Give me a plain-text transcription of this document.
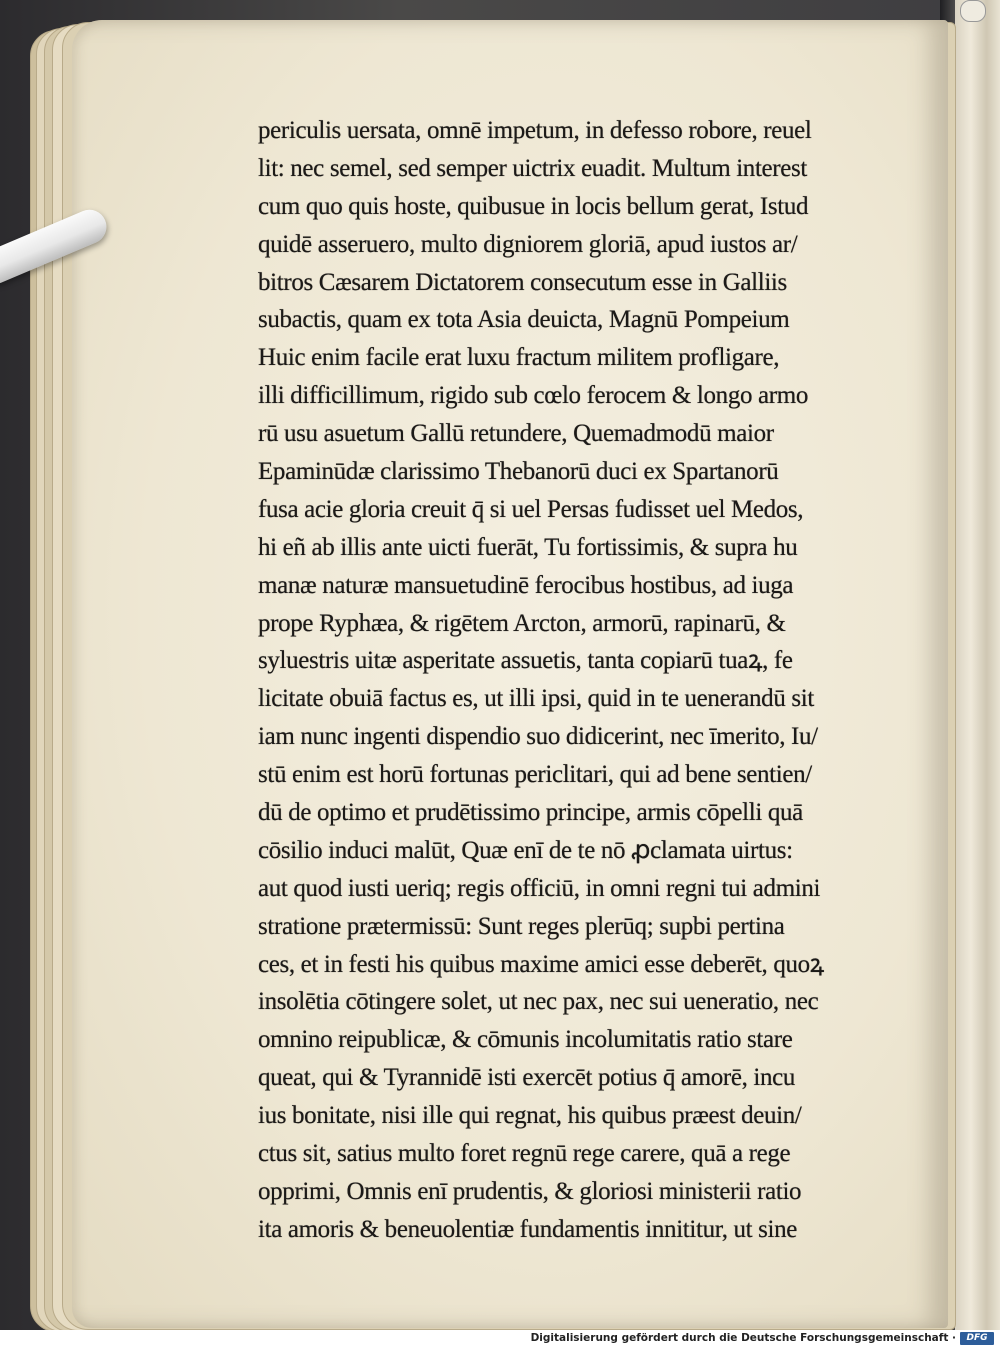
periculis uersata, omnē impetum, in defesso robore, reuel
lit: nec semel, sed semper uictrix euadit. Multum interest
cum quo quis hoste, quibusue in locis bellum gerat, Istud
quidē asseruero, multo digniorem gloriā, apud iustos ar/
bitros Cæsarem Dictatorem consecutum esse in Galliis
subactis, quam ex tota Asia deuicta, Magnū Pompeium
Huic enim facile erat luxu fractum militem profligare,
illi difficillimum, rigido sub cœlo ferocem & longo armo
rū usu asuetum Gallū retundere, Quemadmodū maior
Epaminūdæ clarissimo Thebanorū duci ex Spartanorū
fusa acie gloria creuit q̄ si uel Persas fudisset uel Medos,
hi eñ ab illis ante uicti fuerāt, Tu fortissimis, & supra hu
manæ naturæ mansuetudinē ferocibus hostibus, ad iuga
prope Ryphæa, & rigētem Arcton, armorū, rapinarū, &
syluestris uitæ asperitate assuetis, tanta copiarū tuaꝝ, fe
licitate obuiā factus es, ut illi ipsi, quid in te uenerandū sit
iam nunc ingenti dispendio suo didicerint, nec īmerito, Iu/
stū enim est horū fortunas periclitari, qui ad bene sentien/
dū de optimo et prudētissimo principe, armis cōpelli quā
cōsilio induci malūt, Quæ enī de te nō ꝓclamata uirtus:
aut quod iusti ueriq; regis officiū, in omni regni tui admini
stratione prætermissū: Sunt reges plerūq; supbi pertina
ces, et in festi his quibus maxime amici esse deberēt, quoꝝ
insolētia cōtingere solet, ut nec pax, nec sui ueneratio, nec
omnino reipublicæ, & cōmunis incolumitatis ratio stare
queat, qui & Tyrannidē isti exercēt potius q̄ amorē, incu
ius bonitate, nisi ille qui regnat, his quibus præest deuin/
ctus sit, satius multo foret regnū rege carere, quā a rege
opprimi, Omnis enī prudentis, & gloriosi ministerii ratio
ita amoris & beneuolentiæ fundamentis innititur, ut sine
Digitalisierung gefördert durch die Deutsche Forschungsgemeinschaft ·	DFG
